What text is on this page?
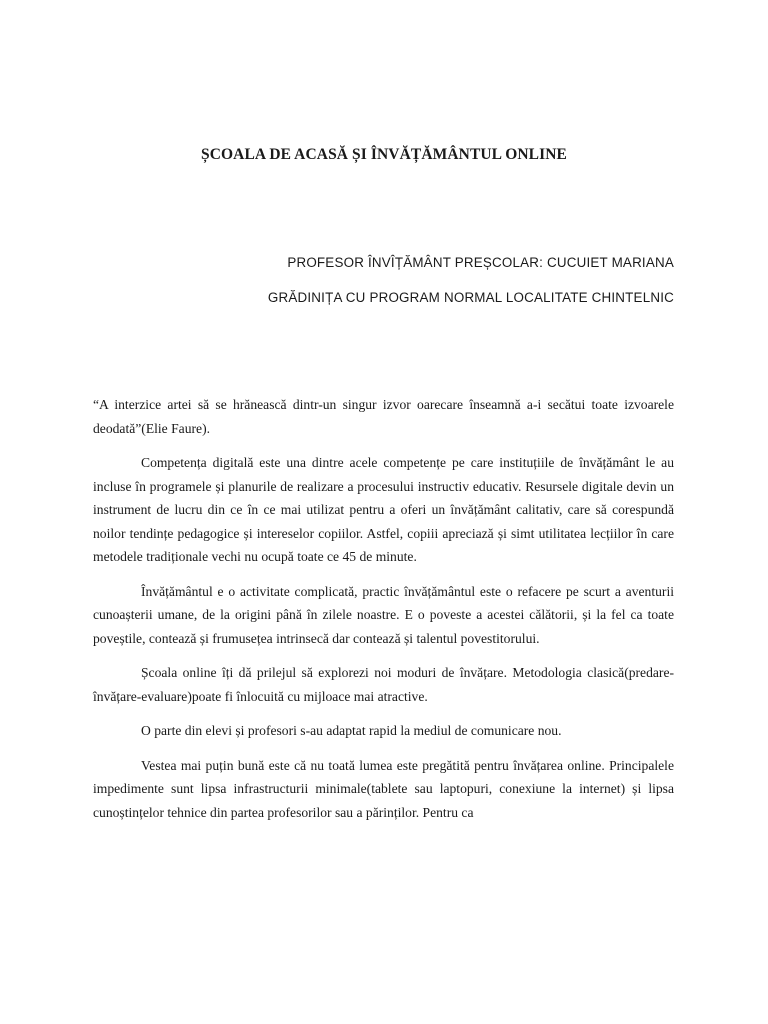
ȘCOALA DE ACASĂ ȘI ÎNVĂȚĂMÂNTUL ONLINE
PROFESOR ÎNVÎȚĂMÂNT PREȘCOLAR: CUCUIET MARIANA
GRĂDINIȚA CU PROGRAM NORMAL LOCALITATE CHINTELNIC

“A interzice artei să se hrănească dintr-un singur izvor oarecare înseamnă a-i secătui toate izvoarele deodată”(Elie Faure).

Competența digitală este una dintre acele competențe pe care instituțiile de învățământ le au incluse în programele și planurile de realizare a procesului instructiv educativ. Resursele digitale devin un instrument de lucru din ce în ce mai utilizat pentru a oferi un învățământ calitativ, care să corespundă noilor tendințe pedagogice și intereselor copiilor. Astfel, copiii apreciază și simt utilitatea lecțiilor în care metodele tradiționale vechi nu ocupă toate ce 45 de minute.

Învățământul e o activitate complicată, practic învățământul este o refacere pe scurt a aventurii cunoașterii umane, de la origini până în zilele noastre. E o poveste a acestei călătorii, și la fel ca toate poveștile, contează și frumusețea intrinsecă dar contează și talentul povestitorului.

Școala online îți dă prilejul să explorezi noi moduri de învățare. Metodologia clasică(predare-învățare-evaluare)poate fi înlocuită cu mijloace mai atractive.

O parte din elevi și profesori s-au adaptat rapid la mediul de comunicare nou.

Vestea mai puțin bună este că nu toată lumea este pregătită pentru învățarea online. Principalele impedimente sunt lipsa infrastructurii minimale(tablete sau laptopuri, conexiune la internet) și lipsa cunoștințelor tehnice din partea profesorilor sau a părinților. Pentru ca
